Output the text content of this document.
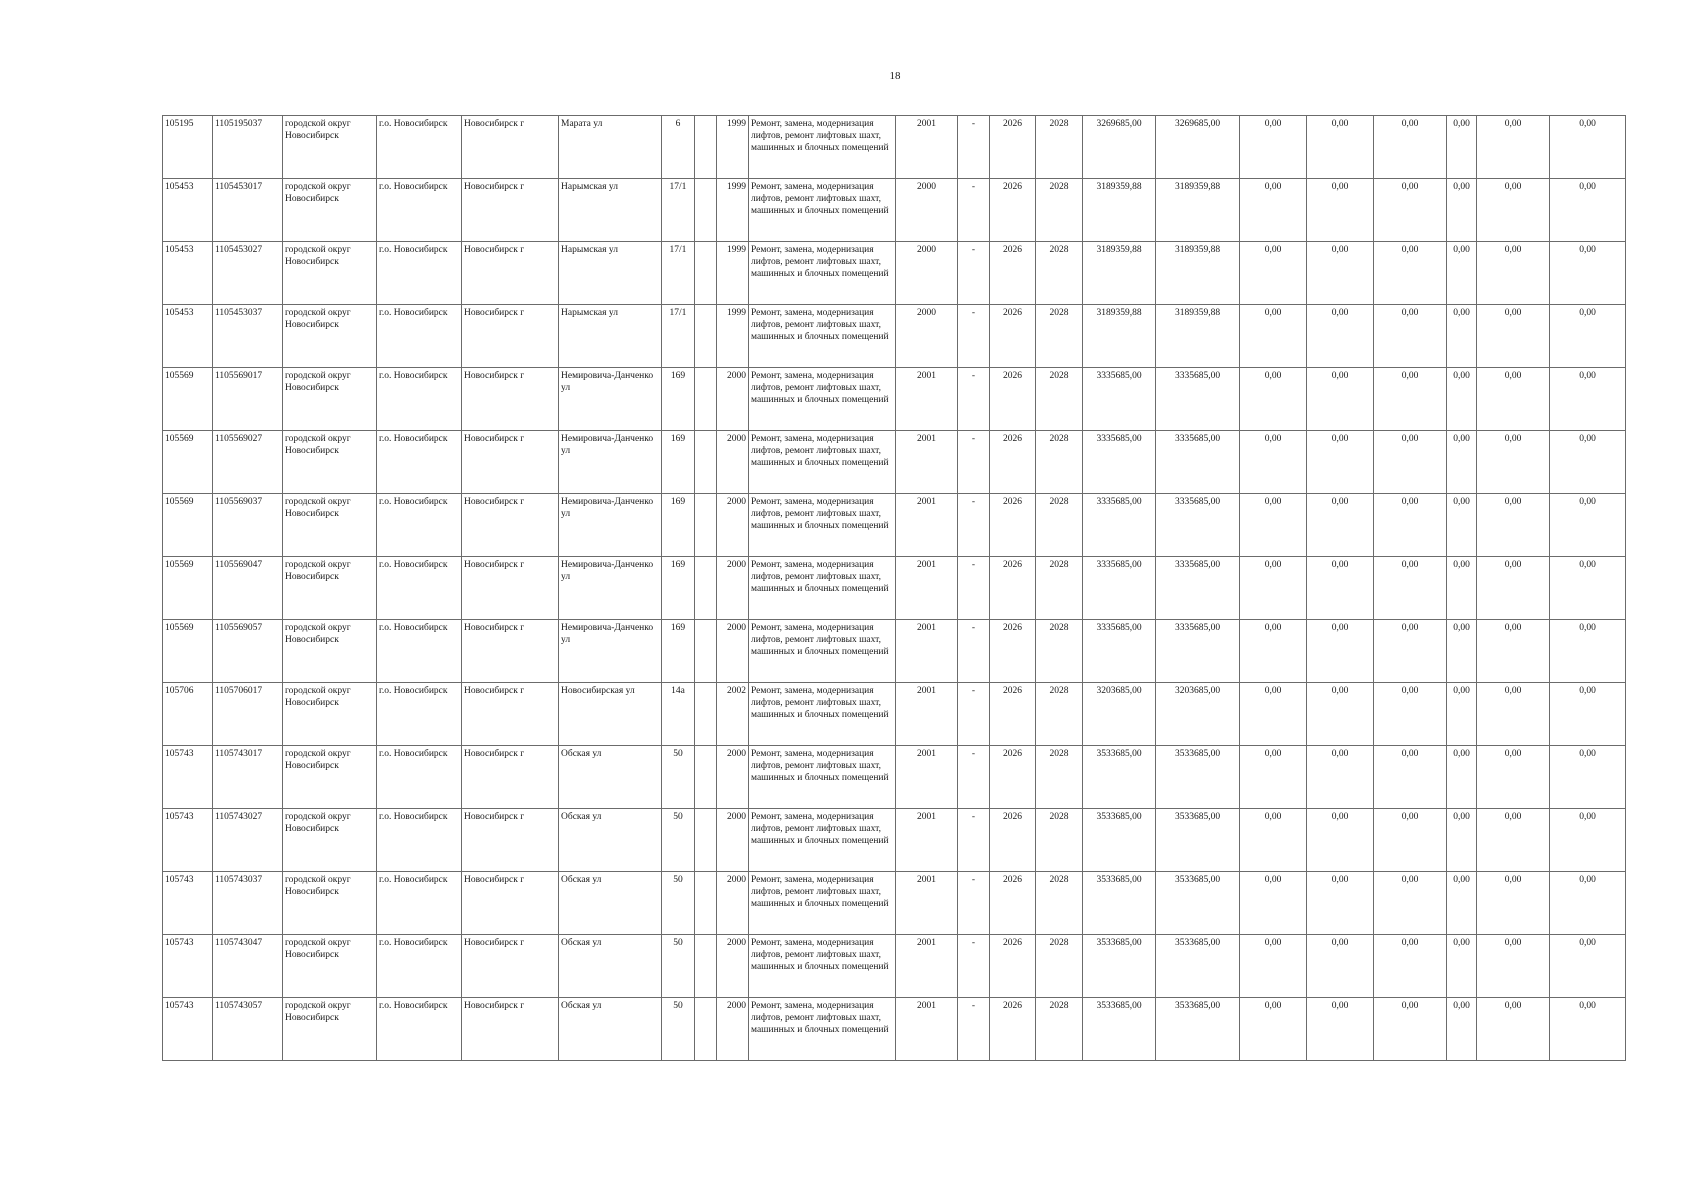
18
105195	1105195037	городской округ Новосибирск	г.о. Новосибирск	Новосибирск г	Марата ул	6		1999	Ремонт, замена, модернизация лифтов, ремонт лифтовых шахт, машинных и блочных помещений	2001	-	2026	2028	3269685,00	3269685,00	0,00	0,00	0,00	0,00	0,00	0,00
105453	1105453017	городской округ Новосибирск	г.о. Новосибирск	Новосибирск г	Нарымская ул	17/1		1999	Ремонт, замена, модернизация лифтов, ремонт лифтовых шахт, машинных и блочных помещений	2000	-	2026	2028	3189359,88	3189359,88	0,00	0,00	0,00	0,00	0,00	0,00
105453	1105453027	городской округ Новосибирск	г.о. Новосибирск	Новосибирск г	Нарымская ул	17/1		1999	Ремонт, замена, модернизация лифтов, ремонт лифтовых шахт, машинных и блочных помещений	2000	-	2026	2028	3189359,88	3189359,88	0,00	0,00	0,00	0,00	0,00	0,00
105453	1105453037	городской округ Новосибирск	г.о. Новосибирск	Новосибирск г	Нарымская ул	17/1		1999	Ремонт, замена, модернизация лифтов, ремонт лифтовых шахт, машинных и блочных помещений	2000	-	2026	2028	3189359,88	3189359,88	0,00	0,00	0,00	0,00	0,00	0,00
105569	1105569017	городской округ Новосибирск	г.о. Новосибирск	Новосибирск г	Немировича-Данченко ул	169		2000	Ремонт, замена, модернизация лифтов, ремонт лифтовых шахт, машинных и блочных помещений	2001	-	2026	2028	3335685,00	3335685,00	0,00	0,00	0,00	0,00	0,00	0,00
105569	1105569027	городской округ Новосибирск	г.о. Новосибирск	Новосибирск г	Немировича-Данченко ул	169		2000	Ремонт, замена, модернизация лифтов, ремонт лифтовых шахт, машинных и блочных помещений	2001	-	2026	2028	3335685,00	3335685,00	0,00	0,00	0,00	0,00	0,00	0,00
105569	1105569037	городской округ Новосибирск	г.о. Новосибирск	Новосибирск г	Немировича-Данченко ул	169		2000	Ремонт, замена, модернизация лифтов, ремонт лифтовых шахт, машинных и блочных помещений	2001	-	2026	2028	3335685,00	3335685,00	0,00	0,00	0,00	0,00	0,00	0,00
105569	1105569047	городской округ Новосибирск	г.о. Новосибирск	Новосибирск г	Немировича-Данченко ул	169		2000	Ремонт, замена, модернизация лифтов, ремонт лифтовых шахт, машинных и блочных помещений	2001	-	2026	2028	3335685,00	3335685,00	0,00	0,00	0,00	0,00	0,00	0,00
105569	1105569057	городской округ Новосибирск	г.о. Новосибирск	Новосибирск г	Немировича-Данченко ул	169		2000	Ремонт, замена, модернизация лифтов, ремонт лифтовых шахт, машинных и блочных помещений	2001	-	2026	2028	3335685,00	3335685,00	0,00	0,00	0,00	0,00	0,00	0,00
105706	1105706017	городской округ Новосибирск	г.о. Новосибирск	Новосибирск г	Новосибирская ул	14а		2002	Ремонт, замена, модернизация лифтов, ремонт лифтовых шахт, машинных и блочных помещений	2001	-	2026	2028	3203685,00	3203685,00	0,00	0,00	0,00	0,00	0,00	0,00
105743	1105743017	городской округ Новосибирск	г.о. Новосибирск	Новосибирск г	Обская ул	50		2000	Ремонт, замена, модернизация лифтов, ремонт лифтовых шахт, машинных и блочных помещений	2001	-	2026	2028	3533685,00	3533685,00	0,00	0,00	0,00	0,00	0,00	0,00
105743	1105743027	городской округ Новосибирск	г.о. Новосибирск	Новосибирск г	Обская ул	50		2000	Ремонт, замена, модернизация лифтов, ремонт лифтовых шахт, машинных и блочных помещений	2001	-	2026	2028	3533685,00	3533685,00	0,00	0,00	0,00	0,00	0,00	0,00
105743	1105743037	городской округ Новосибирск	г.о. Новосибирск	Новосибирск г	Обская ул	50		2000	Ремонт, замена, модернизация лифтов, ремонт лифтовых шахт, машинных и блочных помещений	2001	-	2026	2028	3533685,00	3533685,00	0,00	0,00	0,00	0,00	0,00	0,00
105743	1105743047	городской округ Новосибирск	г.о. Новосибирск	Новосибирск г	Обская ул	50		2000	Ремонт, замена, модернизация лифтов, ремонт лифтовых шахт, машинных и блочных помещений	2001	-	2026	2028	3533685,00	3533685,00	0,00	0,00	0,00	0,00	0,00	0,00
105743	1105743057	городской округ Новосибирск	г.о. Новосибирск	Новосибирск г	Обская ул	50		2000	Ремонт, замена, модернизация лифтов, ремонт лифтовых шахт, машинных и блочных помещений	2001	-	2026	2028	3533685,00	3533685,00	0,00	0,00	0,00	0,00	0,00	0,00
